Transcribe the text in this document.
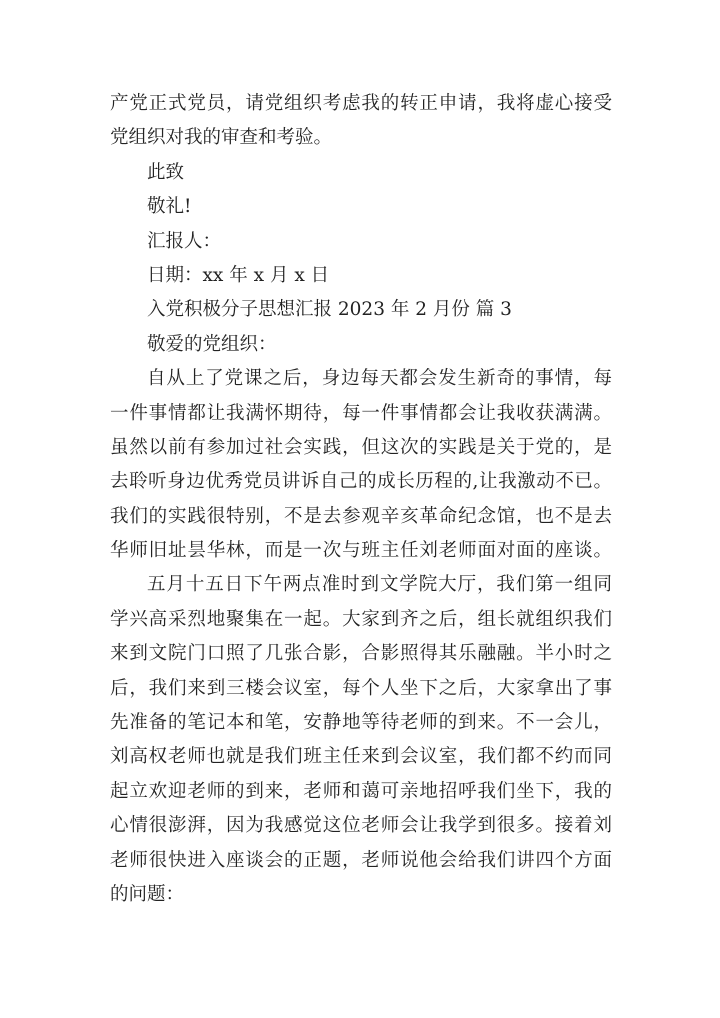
产党正式党员，请党组织考虑我的转正申请，我将虚心接受
党组织对我的审查和考验。
此致
敬礼!
汇报人：
日期：xx 年 x 月 x 日
入党积极分子思想汇报 2023 年 2 月份 篇 3
敬爱的党组织：
自从上了党课之后，身边每天都会发生新奇的事情，每
一件事情都让我满怀期待，每一件事情都会让我收获满满。
虽然以前有参加过社会实践，但这次的实践是关于党的，是
去聆听身边优秀党员讲诉自己的成长历程的,让我激动不已。
我们的实践很特别，不是去参观辛亥革命纪念馆，也不是去
华师旧址昙华林，而是一次与班主任刘老师面对面的座谈。
五月十五日下午两点准时到文学院大厅，我们第一组同
学兴高采烈地聚集在一起。大家到齐之后，组长就组织我们
来到文院门口照了几张合影，合影照得其乐融融。半小时之
后，我们来到三楼会议室，每个人坐下之后，大家拿出了事
先准备的笔记本和笔，安静地等待老师的到来。不一会儿，
刘高权老师也就是我们班主任来到会议室，我们都不约而同
起立欢迎老师的到来，老师和蔼可亲地招呼我们坐下，我的
心情很澎湃，因为我感觉这位老师会让我学到很多。接着刘
老师很快进入座谈会的正题，老师说他会给我们讲四个方面
的问题：
